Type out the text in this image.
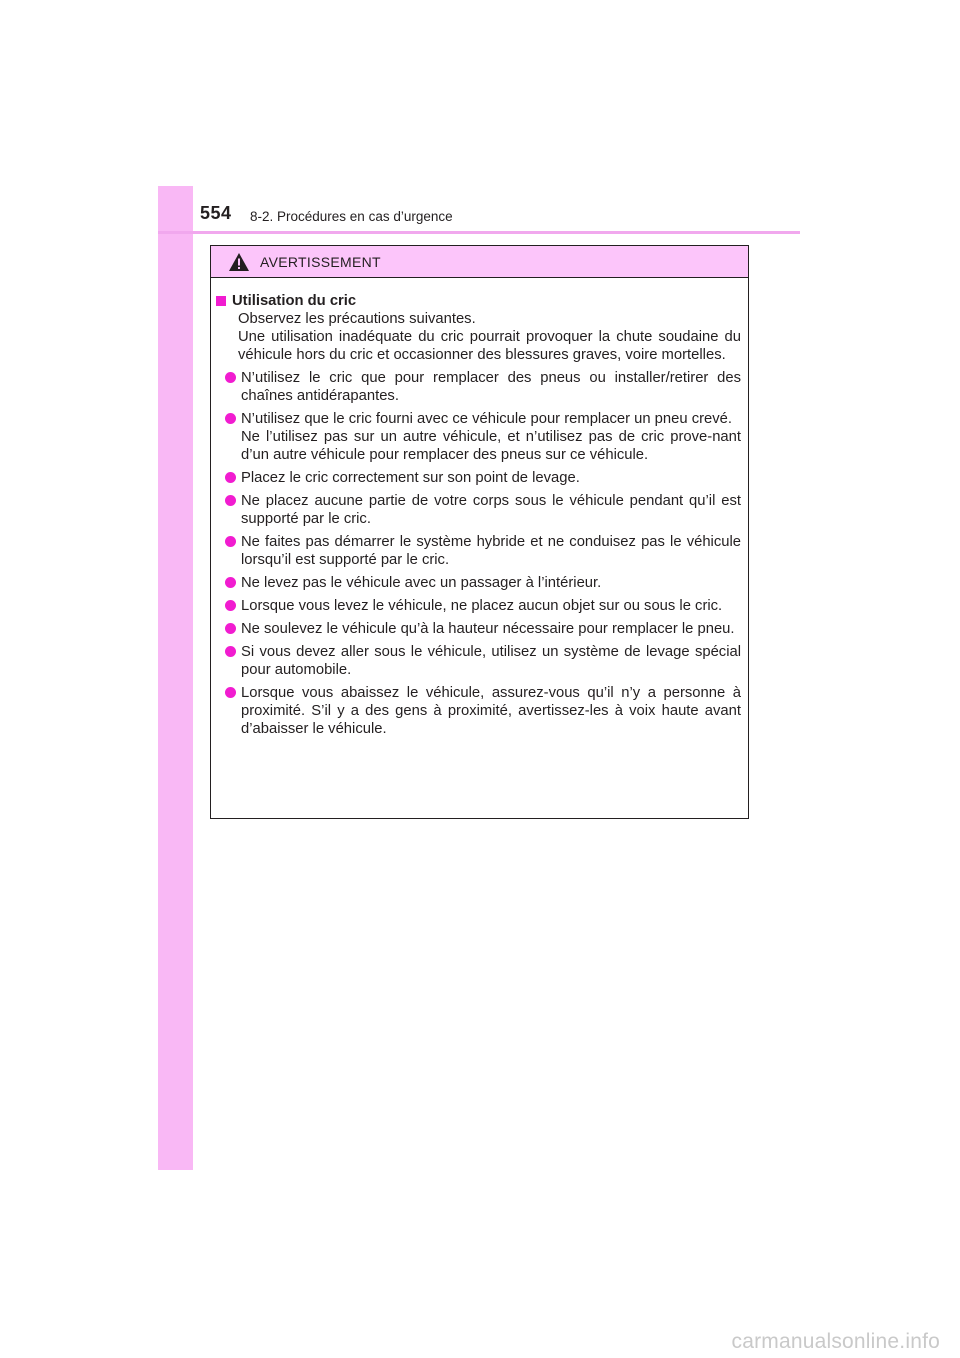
554 8-2. Procédures en cas d’urgence
AVERTISSEMENT
Utilisation du cric

Observez les précautions suivantes.

Une utilisation inadéquate du cric pourrait provoquer la chute soudaine du véhicule hors du cric et occasionner des blessures graves, voire mortelles.

N’utilisez le cric que pour remplacer des pneus ou installer/retirer des chaînes antidérapantes.

N’utilisez que le cric fourni avec ce véhicule pour remplacer un pneu crevé.

Ne l’utilisez pas sur un autre véhicule, et n’utilisez pas de cric prove-nant d’un autre véhicule pour remplacer des pneus sur ce véhicule.

Placez le cric correctement sur son point de levage.

Ne placez aucune partie de votre corps sous le véhicule pendant qu’il est supporté par le cric.

Ne faites pas démarrer le système hybride et ne conduisez pas le véhicule lorsqu’il est supporté par le cric.

Ne levez pas le véhicule avec un passager à l’intérieur.

Lorsque vous levez le véhicule, ne placez aucun objet sur ou sous le cric.

Ne soulevez le véhicule qu’à la hauteur nécessaire pour remplacer le pneu.

Si vous devez aller sous le véhicule, utilisez un système de levage spécial pour automobile.

Lorsque vous abaissez le véhicule, assurez-vous qu’il n’y a personne à proximité. S’il y a des gens à proximité, avertissez-les à voix haute avant d’abaisser le véhicule.

carmanualsonline.info
